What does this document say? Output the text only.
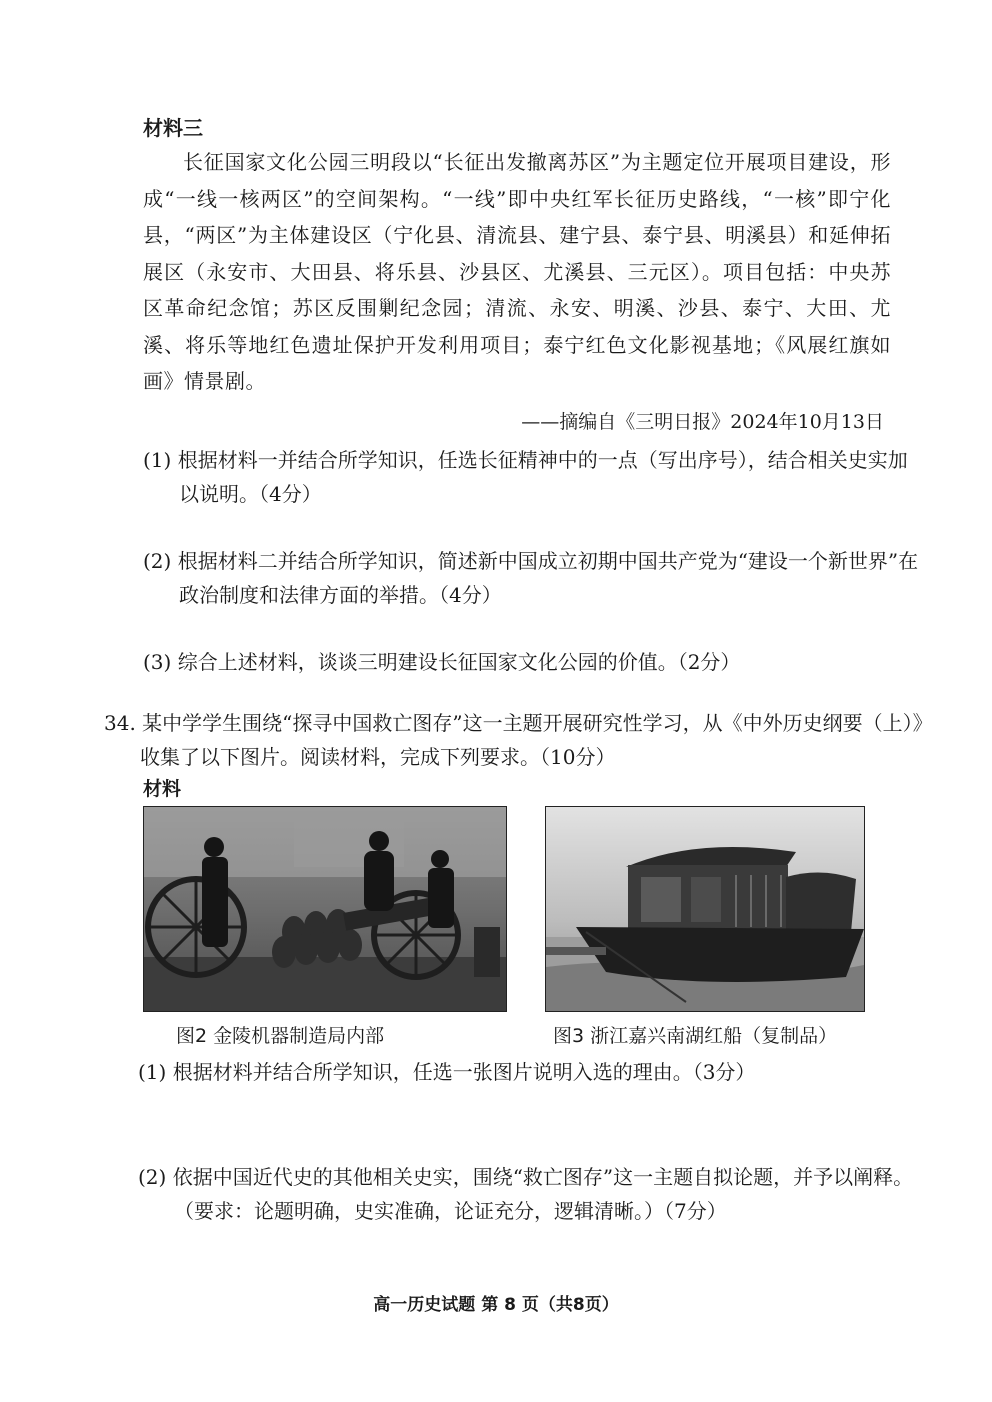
材料三
长征国家文化公园三明段以“长征出发撤离苏区”为主题定位开展项目建设，形成“一线一核两区”的空间架构。“一线”即中央红军长征历史路线，“一核”即宁化县，“两区”为主体建设区（宁化县、清流县、建宁县、泰宁县、明溪县）和延伸拓展区（永安市、大田县、将乐县、沙县区、尤溪县、三元区）。项目包括：中央苏区革命纪念馆；苏区反围剿纪念园；清流、永安、明溪、沙县、泰宁、大田、尤溪、将乐等地红色遗址保护开发利用项目；泰宁红色文化影视基地；《风展红旗如画》情景剧。
——摘编自《三明日报》2024年10月13日
(1) 根据材料一并结合所学知识，任选长征精神中的一点（写出序号），结合相关史实加以说明。（4分）
(2) 根据材料二并结合所学知识，简述新中国成立初期中国共产党为“建设一个新世界”在政治制度和法律方面的举措。（4分）
(3) 综合上述材料，谈谈三明建设长征国家文化公园的价值。（2分）
34. 某中学学生围绕“探寻中国救亡图存”这一主题开展研究性学习，从《中外历史纲要（上）》收集了以下图片。阅读材料，完成下列要求。（10分）
材料
图2 金陵机器制造局内部	图3 浙江嘉兴南湖红船（复制品）
(1) 根据材料并结合所学知识，任选一张图片说明入选的理由。（3分）
(2) 依据中国近代史的其他相关史实，围绕“救亡图存”这一主题自拟论题，并予以阐释。（要求：论题明确，史实准确，论证充分，逻辑清晰。）（7分）
高一历史试题 第 8 页（共8页）
